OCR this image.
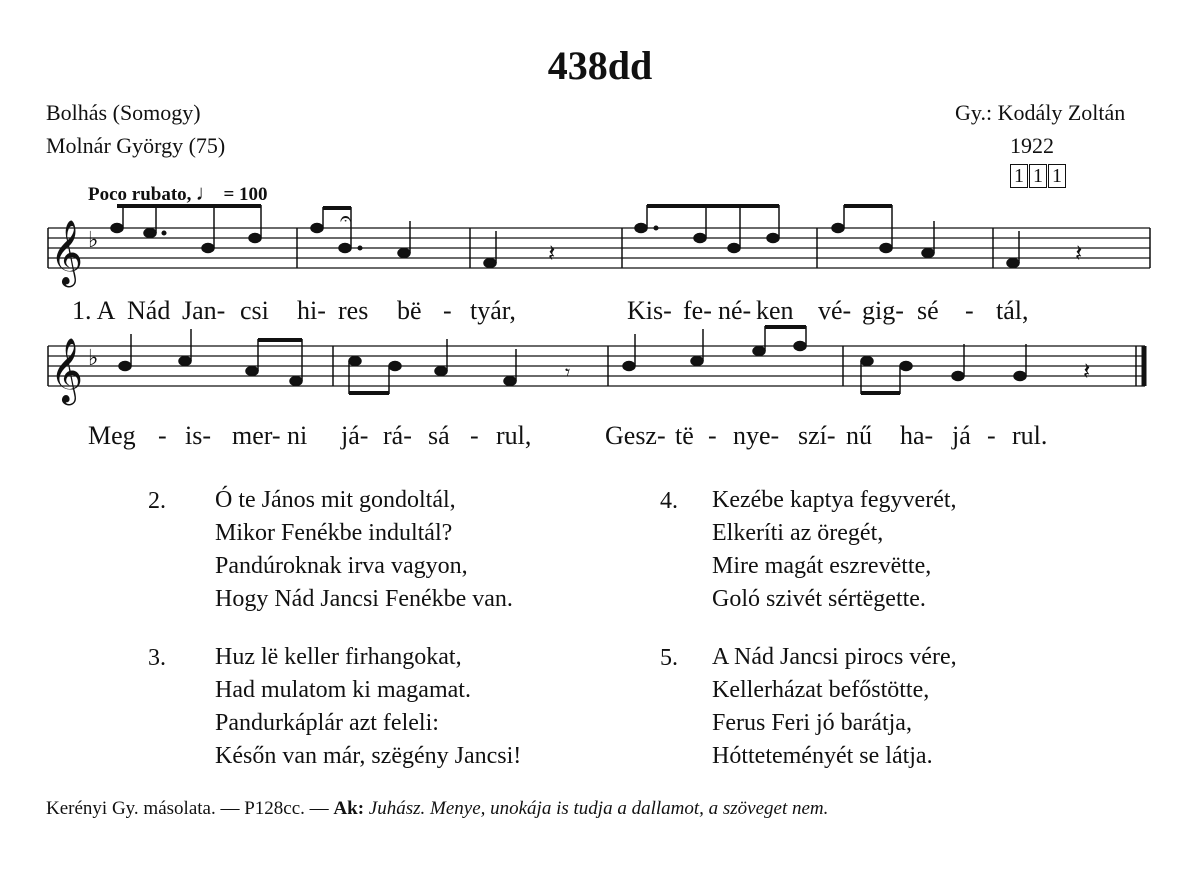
438dd
Bolhás (Somogy)
Molnár György (75)
Gy.: Kodály Zoltán
1922
1 1 1
Poco rubato, ♩ = 100
𝄞 ♭
𝄐
𝄽	𝄽
1. A Nád Jan- csi hi- res bë - tyár,	Kis- fe- né- ken vé- gig- sé - tál,
𝄞 ♭
𝄾	𝄽
Meg - is- mer- ni já- rá- sá - rul,	Gesz- të - nye- szí- nű ha- já - rul.
2. Ó te János mit gondoltál,
Mikor Fenékbe indultál?
Pandúroknak irva vagyon,
Hogy Nád Jancsi Fenékbe van.
3. Huz lë keller firhangokat,
Had mulatom ki magamat.
Pandurkáplár azt feleli:
Későn van már, szëgény Jancsi!
4. Kezébe kaptya fegyverét,
Elkeríti az öregét,
Mire magát eszrevëtte,
Goló szivét sértëgette.
5. A Nád Jancsi pirocs vére,
Kellerházat befőstötte,
Ferus Feri jó barátja,
Hóttetemén​yét se látja.
Kerényi Gy. másolata. — P128cc. — Ak: Juhász. Menye, unokája is tudja a dallamot, a szöveget nem.
